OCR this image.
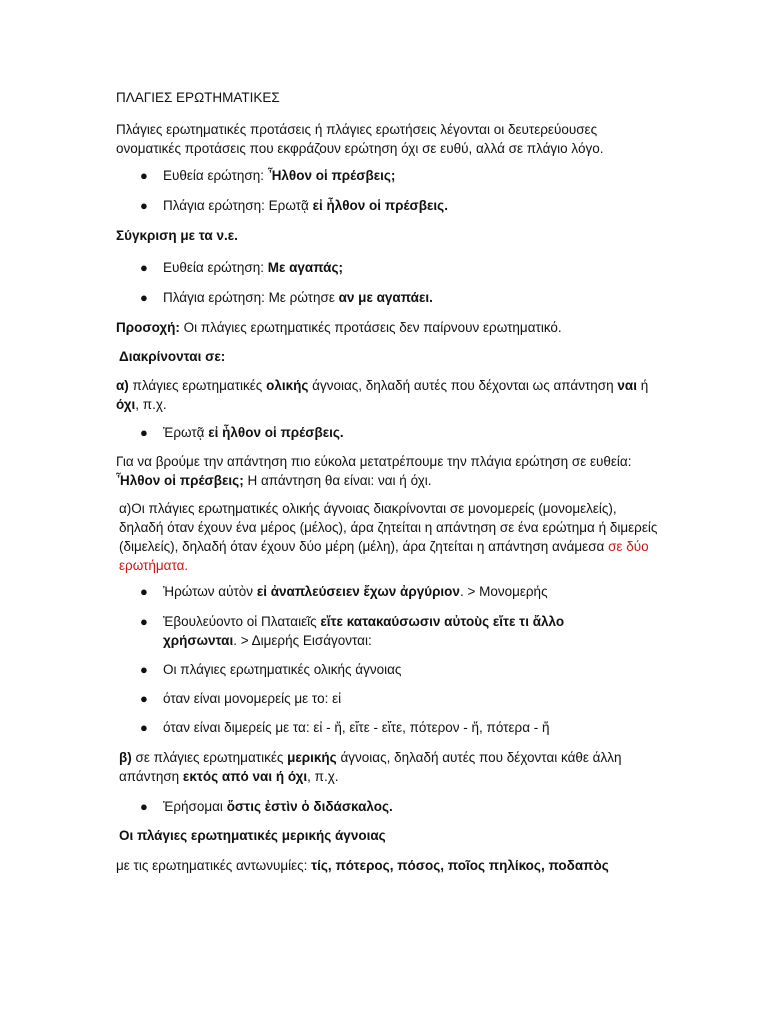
ΠΛΑΓΙΕΣ ΕΡΩΤΗΜΑΤΙΚΕΣ

Πλάγιες ερωτηματικές προτάσεις ή πλάγιες ερωτήσεις λέγονται οι δευτερεύουσες ονοματικές προτάσεις που εκφράζουν ερώτηση όχι σε ευθύ, αλλά σε πλάγιο λόγο.

● Ευθεία ερώτηση: Ἦλθον οἱ πρέσβεις;

● Πλάγια ερώτηση: Ερωτᾷ εἰ ἦλθον οἱ πρέσβεις.

Σύγκριση με τα ν.ε.

● Ευθεία ερώτηση: Με αγαπάς;

● Πλάγια ερώτηση: Με ρώτησε αν με αγαπάει.

Προσοχή: Οι πλάγιες ερωτηματικές προτάσεις δεν παίρνουν ερωτηματικό.

Διακρίνονται σε:

α) πλάγιες ερωτηματικές ολικής άγνοιας, δηλαδή αυτές που δέχονται ως απάντηση ναι ή όχι, π.χ.

● Ἐρωτᾷ εἰ ἦλθον οἱ πρέσβεις.

Για να βρούμε την απάντηση πιο εύκολα μετατρέπουμε την πλάγια ερώτηση σε ευθεία: Ἦλθον οἱ πρέσβεις; Η απάντηση θα είναι: ναι ή όχι.

α)Οι πλάγιες ερωτηματικές ολικής άγνοιας διακρίνονται σε μονομερείς (μονομελείς), δηλαδή όταν έχουν ένα μέρος (μέλος), άρα ζητείται η απάντηση σε ένα ερώτημα ή διμερείς (διμελείς), δηλαδή όταν έχουν δύο μέρη (μέλη), άρα ζητείται η απάντηση ανάμεσα σε δύο ερωτήματα.

● Ἠρώτων αὐτὸν εἰ ἀναπλεύσειεν ἔχων ἀργύριον. > Μονομερής

● Ἐβουλεύοντο οἱ Πλαταιεῖς εἴτε κατακαύσωσιν αὐτοὺς εἴτε τι ἄλλο χρήσωνται. > Διμερής Εισάγονται:

● Οι πλάγιες ερωτηματικές ολικής άγνοιας

● όταν είναι μονομερείς με το: εἰ

● όταν είναι διμερείς με τα: εἰ - ἤ, εἴτε - εἴτε, πότερον - ἤ, πότερα - ἤ

β) σε πλάγιες ερωτηματικές μερικής άγνοιας, δηλαδή αυτές που δέχονται κάθε άλλη απάντηση εκτός από ναι ή όχι, π.χ.

● Ἐρήσομαι ὅστις ἐστὶν ὁ διδάσκαλος.

Οι πλάγιες ερωτηματικές μερικής άγνοιας

με τις ερωτηματικές αντωνυμίες: τίς, πότερος, πόσος, ποῖος πηλίκος, ποδαπὸς
